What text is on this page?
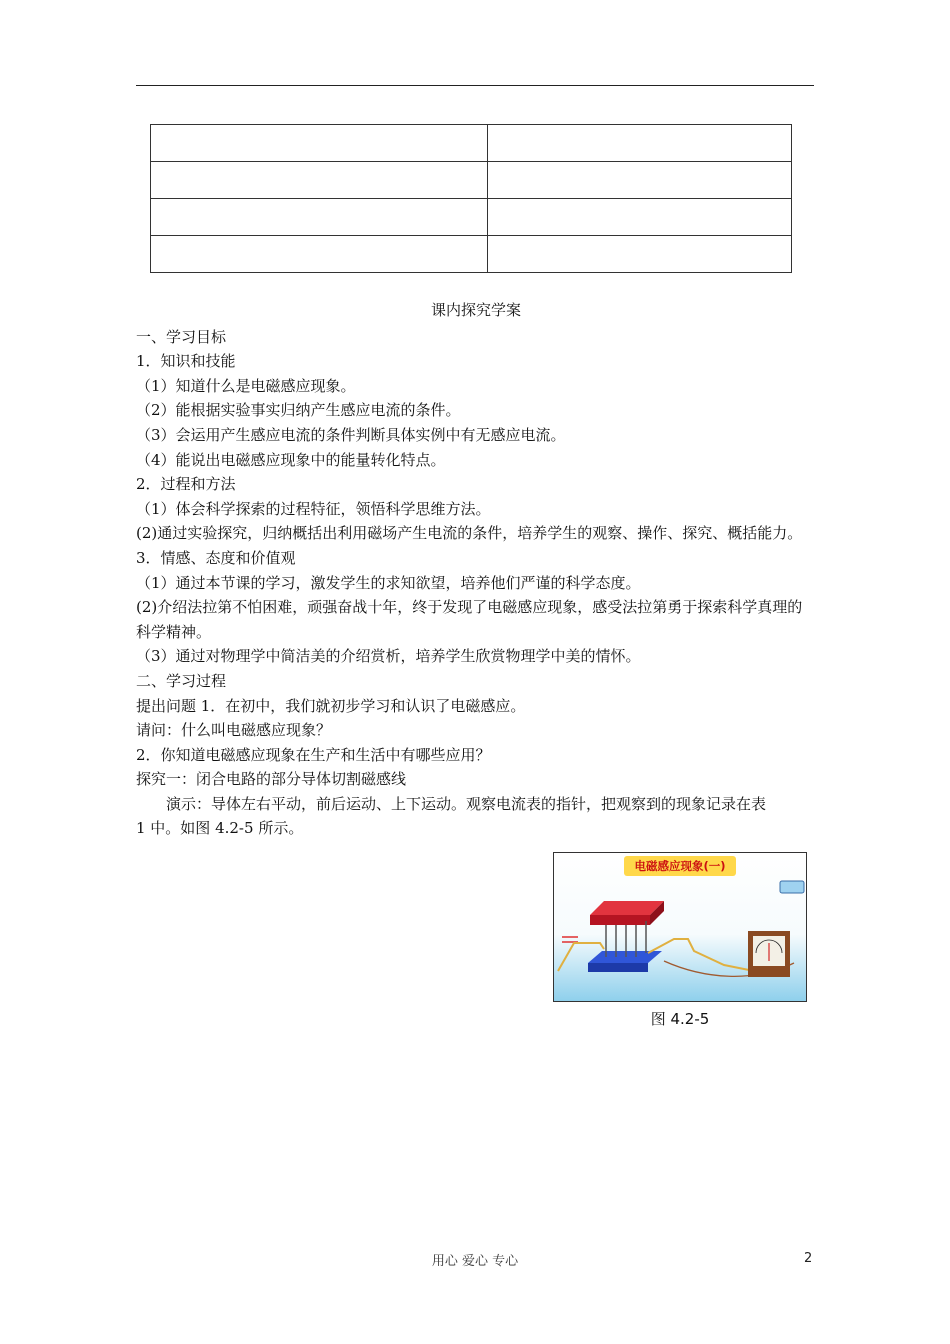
课内探究学案

一、学习目标

1．知识和技能

（1）知道什么是电磁感应现象。

（2）能根据实验事实归纳产生感应电流的条件。

（3）会运用产生感应电流的条件判断具体实例中有无感应电流。

（4）能说出电磁感应现象中的能量转化特点。

2．过程和方法

（1）体会科学探索的过程特征，领悟科学思维方法。

(2)通过实验探究，归纳概括出利用磁场产生电流的条件，培养学生的观察、操作、探究、概括能力。

3．情感、态度和价值观

（1）通过本节课的学习，激发学生的求知欲望，培养他们严谨的科学态度。

(2)介绍法拉第不怕困难，顽强奋战十年，终于发现了电磁感应现象，感受法拉第勇于探索科学真理的科学精神。

（3）通过对物理学中简洁美的介绍赏析，培养学生欣赏物理学中美的情怀。

二、学习过程

提出问题 1．在初中，我们就初步学习和认识了电磁感应。

请问：什么叫电磁感应现象？

2．你知道电磁感应现象在生产和生活中有哪些应用？

探究一：闭合电路的部分导体切割磁感线

演示：导体左右平动，前后运动、上下运动。观察电流表的指针，把观察到的现象记录在表

1 中。如图 4.2-5 所示。

电磁感应现象(一)
图 4.2-5
用心 爱心 专心	2
